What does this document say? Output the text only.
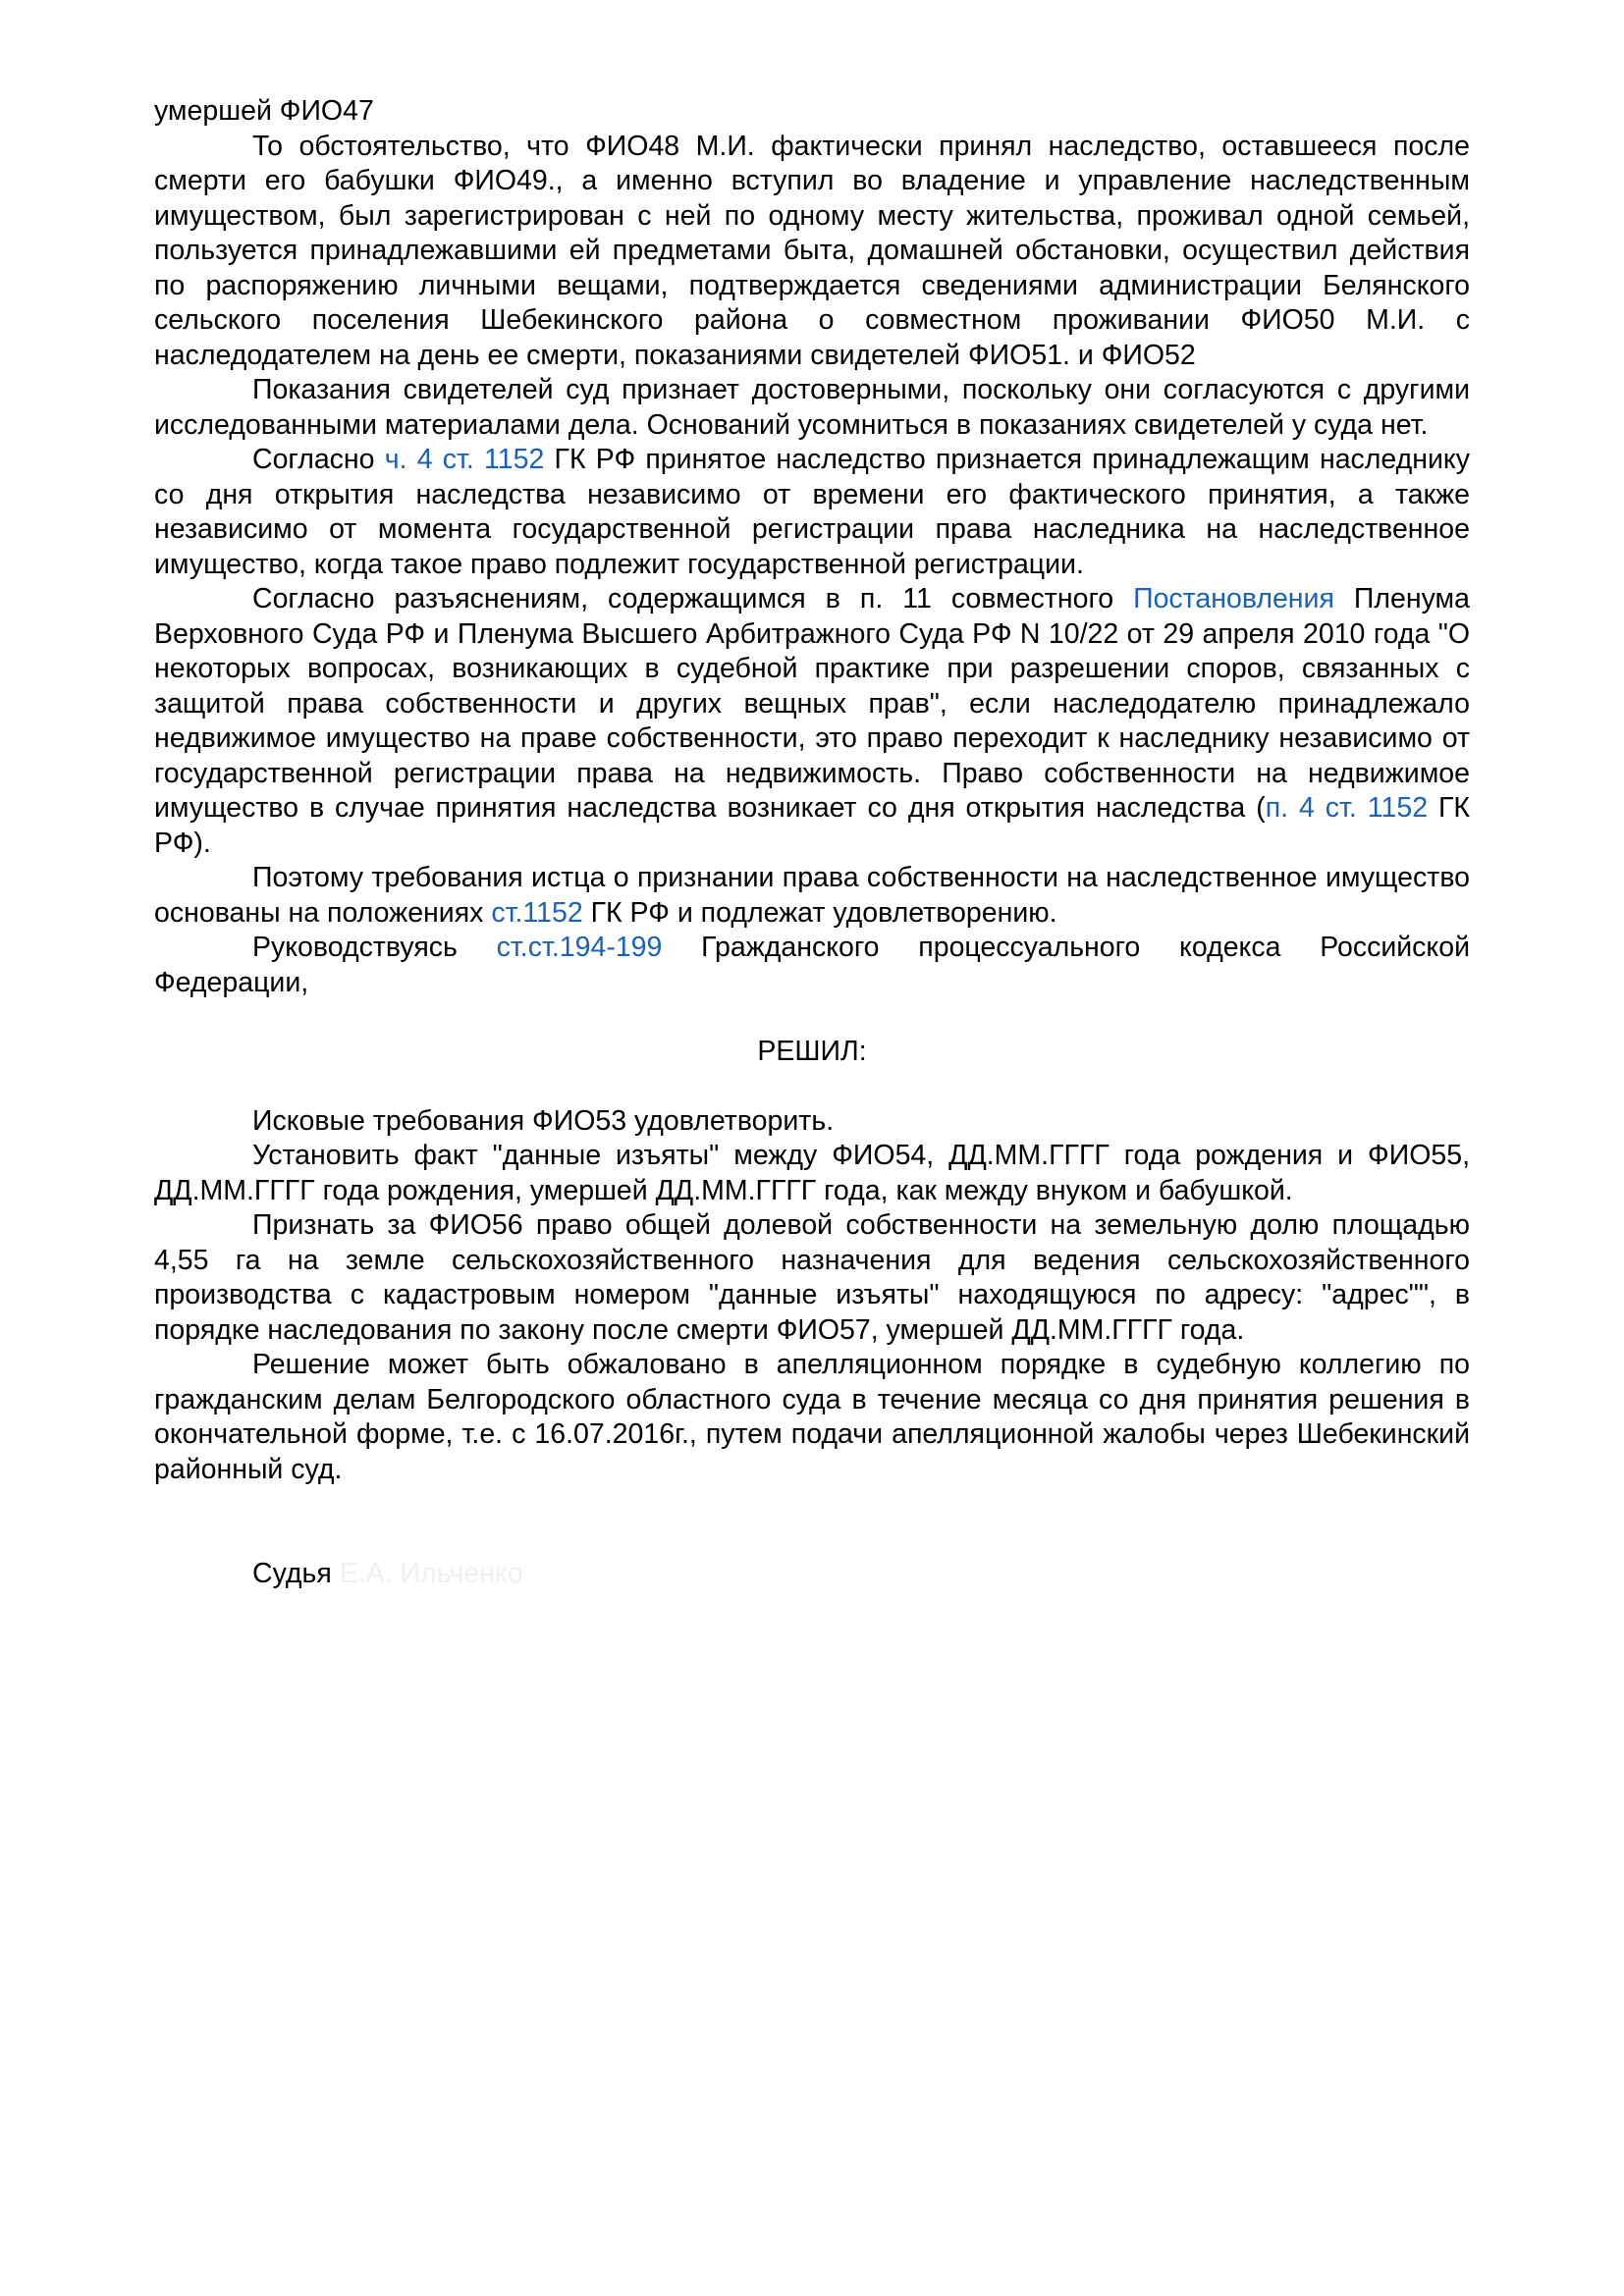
умершей ФИО47

То обстоятельство, что ФИО48 М.И. фактически принял наследство, оставшееся после смерти его бабушки ФИО49., а именно вступил во владение и управление наследственным имуществом, был зарегистрирован с ней по одному месту жительства, проживал одной семьей, пользуется принадлежавшими ей предметами быта, домашней обстановки, осуществил действия по распоряжению личными вещами, подтверждается сведениями администрации Белянского сельского поселения Шебекинского района о совместном проживании ФИО50 М.И. с наследодателем на день ее смерти, показаниями свидетелей ФИО51. и ФИО52

Показания свидетелей суд признает достоверными, поскольку они согласуются с другими исследованными материалами дела. Оснований усомниться в показаниях свидетелей у суда нет.

Согласно ч. 4 ст. 1152 ГК РФ принятое наследство признается принадлежащим наследнику со дня открытия наследства независимо от времени его фактического принятия, а также независимо от момента государственной регистрации права наследника на наследственное имущество, когда такое право подлежит государственной регистрации.

Согласно разъяснениям, содержащимся в п. 11 совместного Постановления Пленума Верховного Суда РФ и Пленума Высшего Арбитражного Суда РФ N 10/22 от 29 апреля 2010 года "О некоторых вопросах, возникающих в судебной практике при разрешении споров, связанных с защитой права собственности и других вещных прав", если наследодателю принадлежало недвижимое имущество на праве собственности, это право переходит к наследнику независимо от государственной регистрации права на недвижимость. Право собственности на недвижимое имущество в случае принятия наследства возникает со дня открытия наследства (п. 4 ст. 1152 ГК РФ).

Поэтому требования истца о признании права собственности на наследственное имущество основаны на положениях ст.1152 ГК РФ и подлежат удовлетворению.

Руководствуясь ст.ст.194-199 Гражданского процессуального кодекса Российской Федерации,

РЕШИЛ:

Исковые требования ФИО53 удовлетворить.

Установить факт "данные изъяты" между ФИО54, ДД.ММ.ГГГГ года рождения и ФИО55, ДД.ММ.ГГГГ года рождения, умершей ДД.ММ.ГГГГ года, как между внуком и бабушкой.

Признать за ФИО56 право общей долевой собственности на земельную долю площадью 4,55 га на земле сельскохозяйственного назначения для ведения сельскохозяйственного производства с кадастровым номером "данные изъяты" находящуюся по адресу: "адрес"", в порядке наследования по закону после смерти ФИО57, умершей ДД.ММ.ГГГГ года.

Решение может быть обжаловано в апелляционном порядке в судебную коллегию по гражданским делам Белгородского областного суда в течение месяца со дня принятия решения в окончательной форме, т.е. с 16.07.2016г., путем подачи апелляционной жалобы через Шебекинский районный суд.

Судья Е.А. Ильченко
